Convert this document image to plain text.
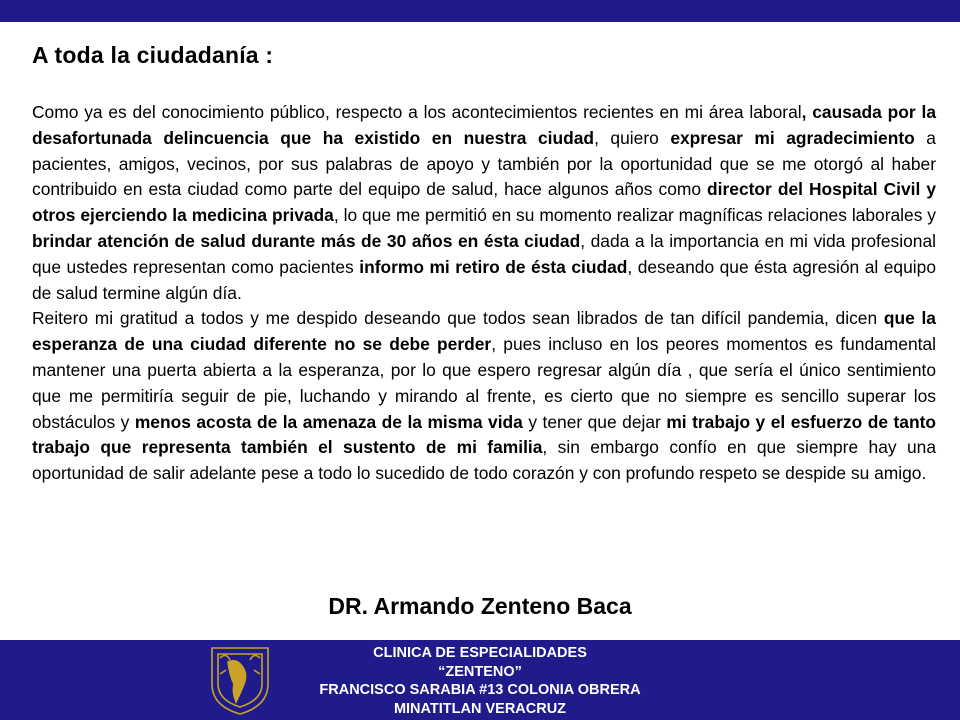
A toda la ciudadanía :

Como ya es del conocimiento público, respecto a los acontecimientos recientes en mi área laboral, causada por la desafortunada delincuencia que ha existido en nuestra ciudad, quiero expresar mi agradecimiento a pacientes, amigos, vecinos, por sus palabras de apoyo y también por la oportunidad que se me otorgó al haber contribuido en esta ciudad como parte del equipo de salud, hace algunos años como director del Hospital Civil y otros ejerciendo la medicina privada, lo que me permitió en su momento realizar magníficas relaciones laborales y brindar atención de salud durante más de 30 años en ésta ciudad, dada a la importancia en mi vida profesional que ustedes representan como pacientes informo mi retiro de ésta ciudad, deseando que ésta agresión al equipo de salud termine algún día.

Reitero mi gratitud a todos y me despido deseando que todos sean librados de tan difícil pandemia, dicen que la esperanza de una ciudad diferente no se debe perder, pues incluso en los peores momentos es fundamental mantener una puerta abierta a la esperanza, por lo que espero regresar algún día , que sería el único sentimiento que me permitiría seguir de pie, luchando y mirando al frente, es cierto que no siempre es sencillo superar los obstáculos y menos acosta de la amenaza de la misma vida y tener que dejar mi trabajo y el esfuerzo de tanto trabajo que representa también el sustento de mi familia, sin embargo confío en que siempre hay una oportunidad de salir adelante pese a todo lo sucedido de todo corazón y con profundo respeto se despide su amigo.

DR. Armando Zenteno Baca
CLINICA DE ESPECIALIDADES
“ZENTENO”
FRANCISCO SARABIA #13 COLONIA OBRERA
MINATITLAN VERACRUZ
